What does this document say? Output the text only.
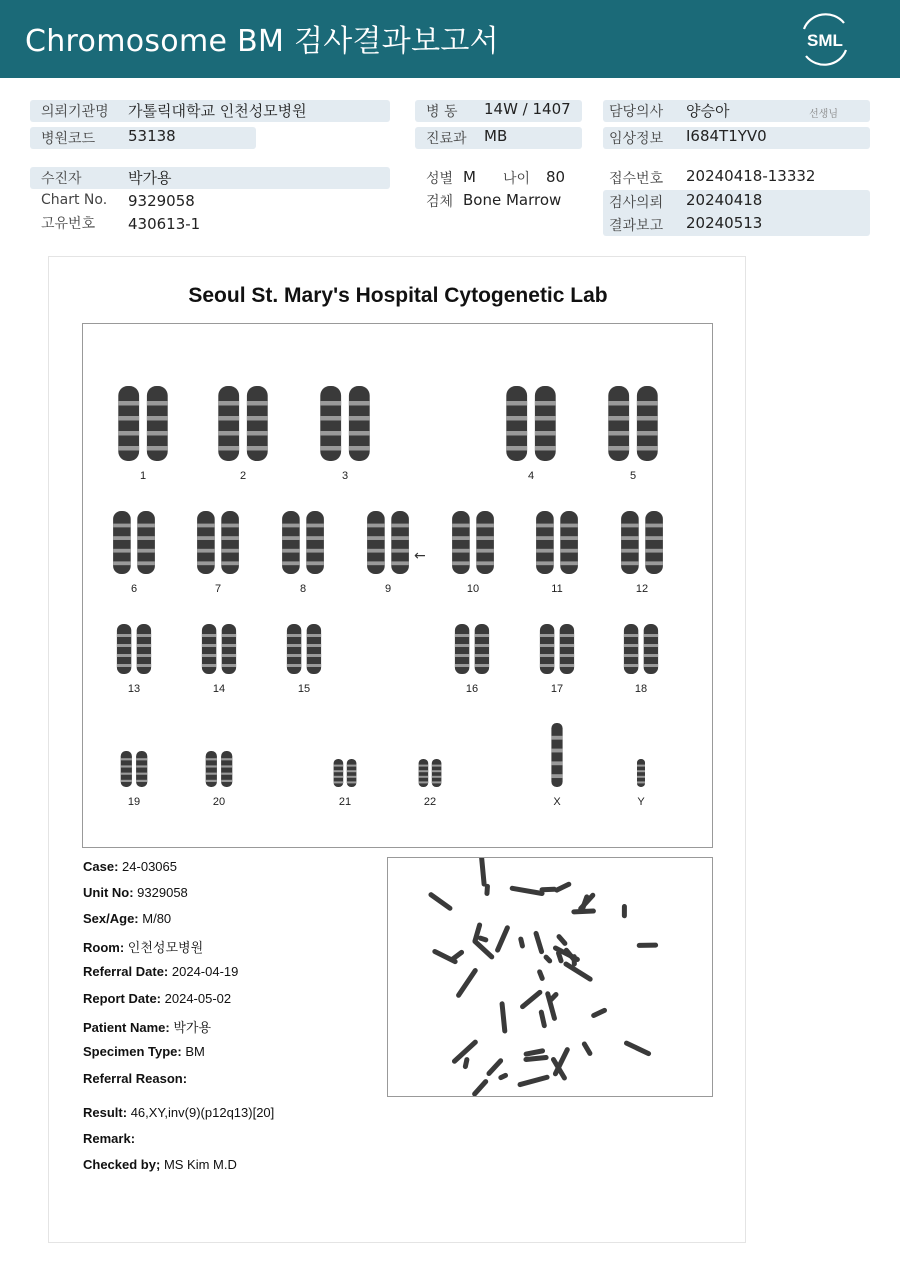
Chromosome BM 검사결과보고서	SML
의뢰기관명 가톨릭대학교 인천성모병원
병원코드 53138
수진자	박가용
Chart No. 9329058
고유번호 430613-1
병 동 14W / 1407
진료과 MB
성별 M 나이 80
검체 Bone Marrow
담당의사 양승아	선생님
임상정보 I684T1YV0
접수번호 20240418-13332
검사의뢰 20240418
결과보고 20240513
Seoul St. Mary's Hospital Cytogenetic Lab
1	2	3	4	5
6	7	8	9	10	11	12
13	14	15	16	17	18
19	20	21	22	X	Y
←
Case: 24-03065
Unit No: 9329058
Sex/Age: M/80
Room: 인천성모병원
Referral Date: 2024-04-19
Report Date: 2024-05-02
Patient Name: 박가용
Specimen Type: BM
Referral Reason:
Result: 46,XY,inv(9)(p12q13)[20]
Remark:
Checked by; MS Kim M.D
